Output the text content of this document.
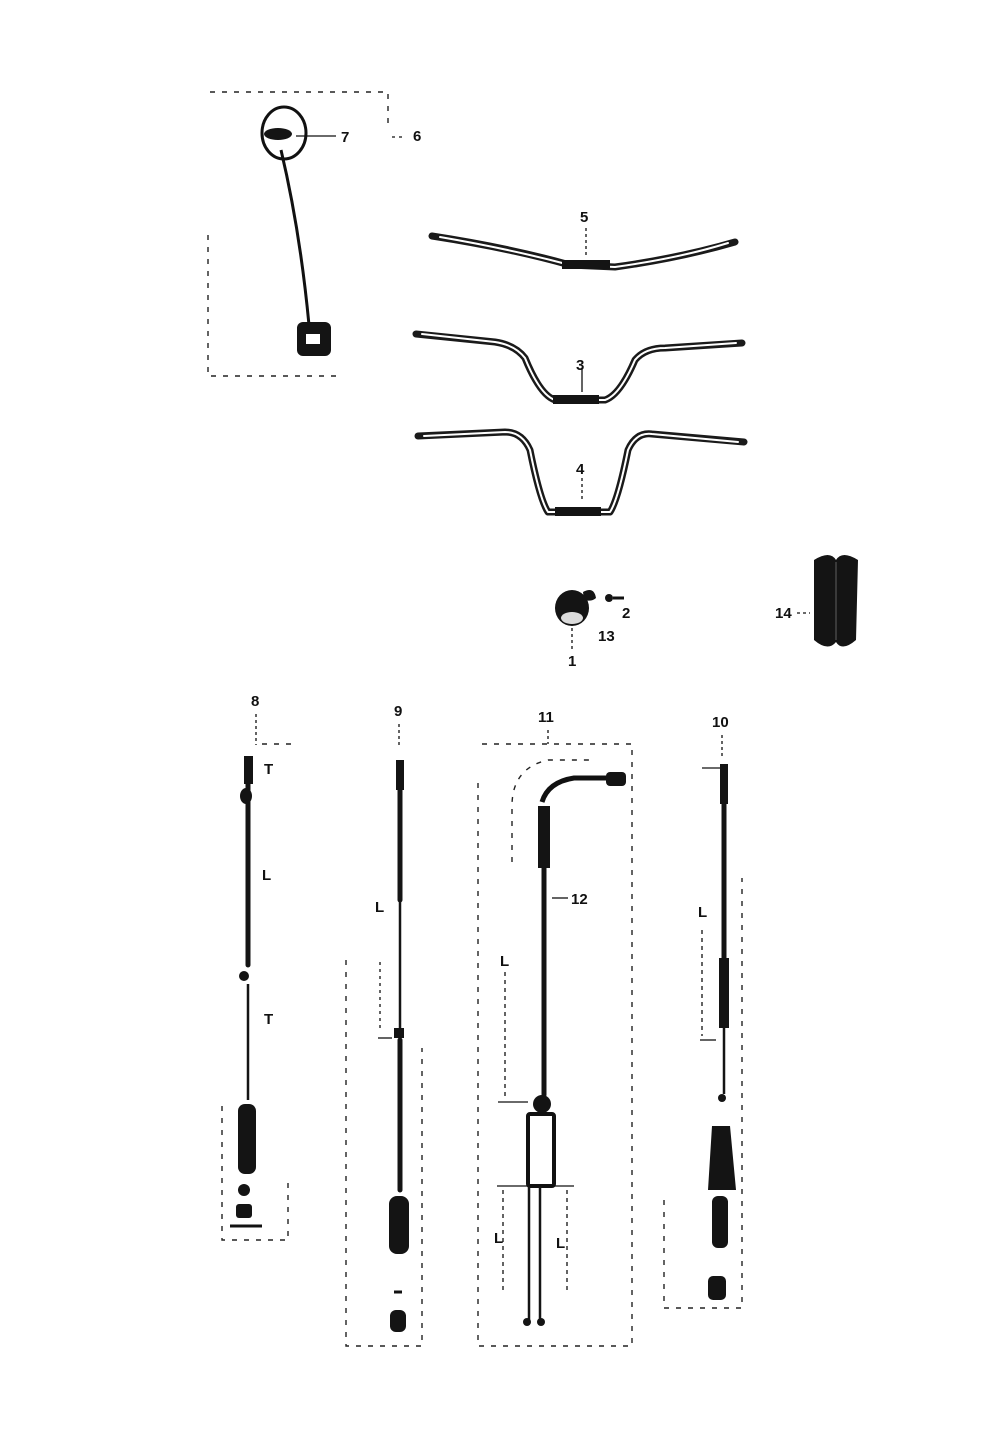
7	6
5
3
4
2
13
1
14
8
T
L
T
9
L
11
12
L
L	L
10
L
